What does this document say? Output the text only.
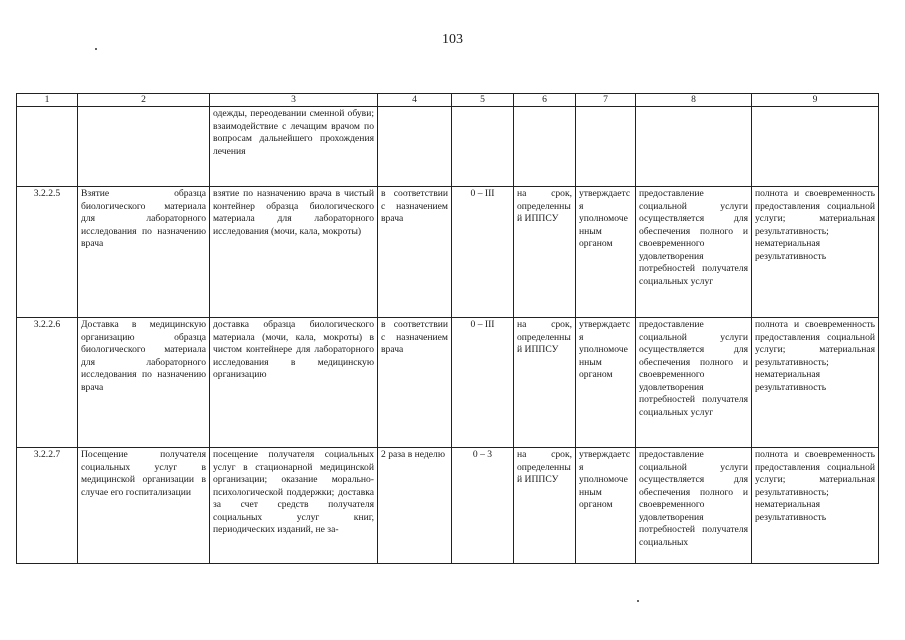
103
1	2	3	4	5	6	7	8	9
		одежды, переодевании сменной обуви; взаимодействие с лечащим врачом по вопросам дальнейшего прохождения лечения						
3.2.2.5	Взятие образца биологического материала для лабораторного исследования по назначению врача	взятие по назначению врача в чистый контейнер образца биологического материала для лабораторного исследования (мочи, кала, мокроты)	в соответствии с назначением врача	0 – III	на срок, определенный ИППСУ	утверждается уполномоченным органом	предоставление социальной услуги осуществляется для обеспечения полного и своевременного удовлетворения потребностей получателя социальных услуг	полнота и своевременность предоставления социальной услуги; материальная результативность; нематериальная результативность
3.2.2.6	Доставка в медицинскую организацию образца биологического материала для лабораторного исследования по назначению врача	доставка образца биологического материала (мочи, кала, мокроты) в чистом контейнере для лабораторного исследования в медицинскую организацию	в соответствии с назначением врача	0 – III	на срок, определенный ИППСУ	утверждается уполномоченным органом	предоставление социальной услуги осуществляется для обеспечения полного и своевременного удовлетворения потребностей получателя социальных услуг	полнота и своевременность предоставления социальной услуги; материальная результативность; нематериальная результативность
3.2.2.7	Посещение получателя социальных услуг в медицинской организации в случае его госпитализации	посещение получателя социальных услуг в стационарной медицинской организации; оказание морально-психологической поддержки; доставка за счет средств получателя социальных услуг книг, периодических изданий, не за-	2 раза в неделю	0 – 3	на срок, определенный ИППСУ	утверждается уполномоченным органом	предоставление социальной услуги осуществляется для обеспечения полного и своевременного удовлетворения потребностей получателя социальных	полнота и своевременность предоставления социальной услуги; материальная результативность; нематериальная результативность
